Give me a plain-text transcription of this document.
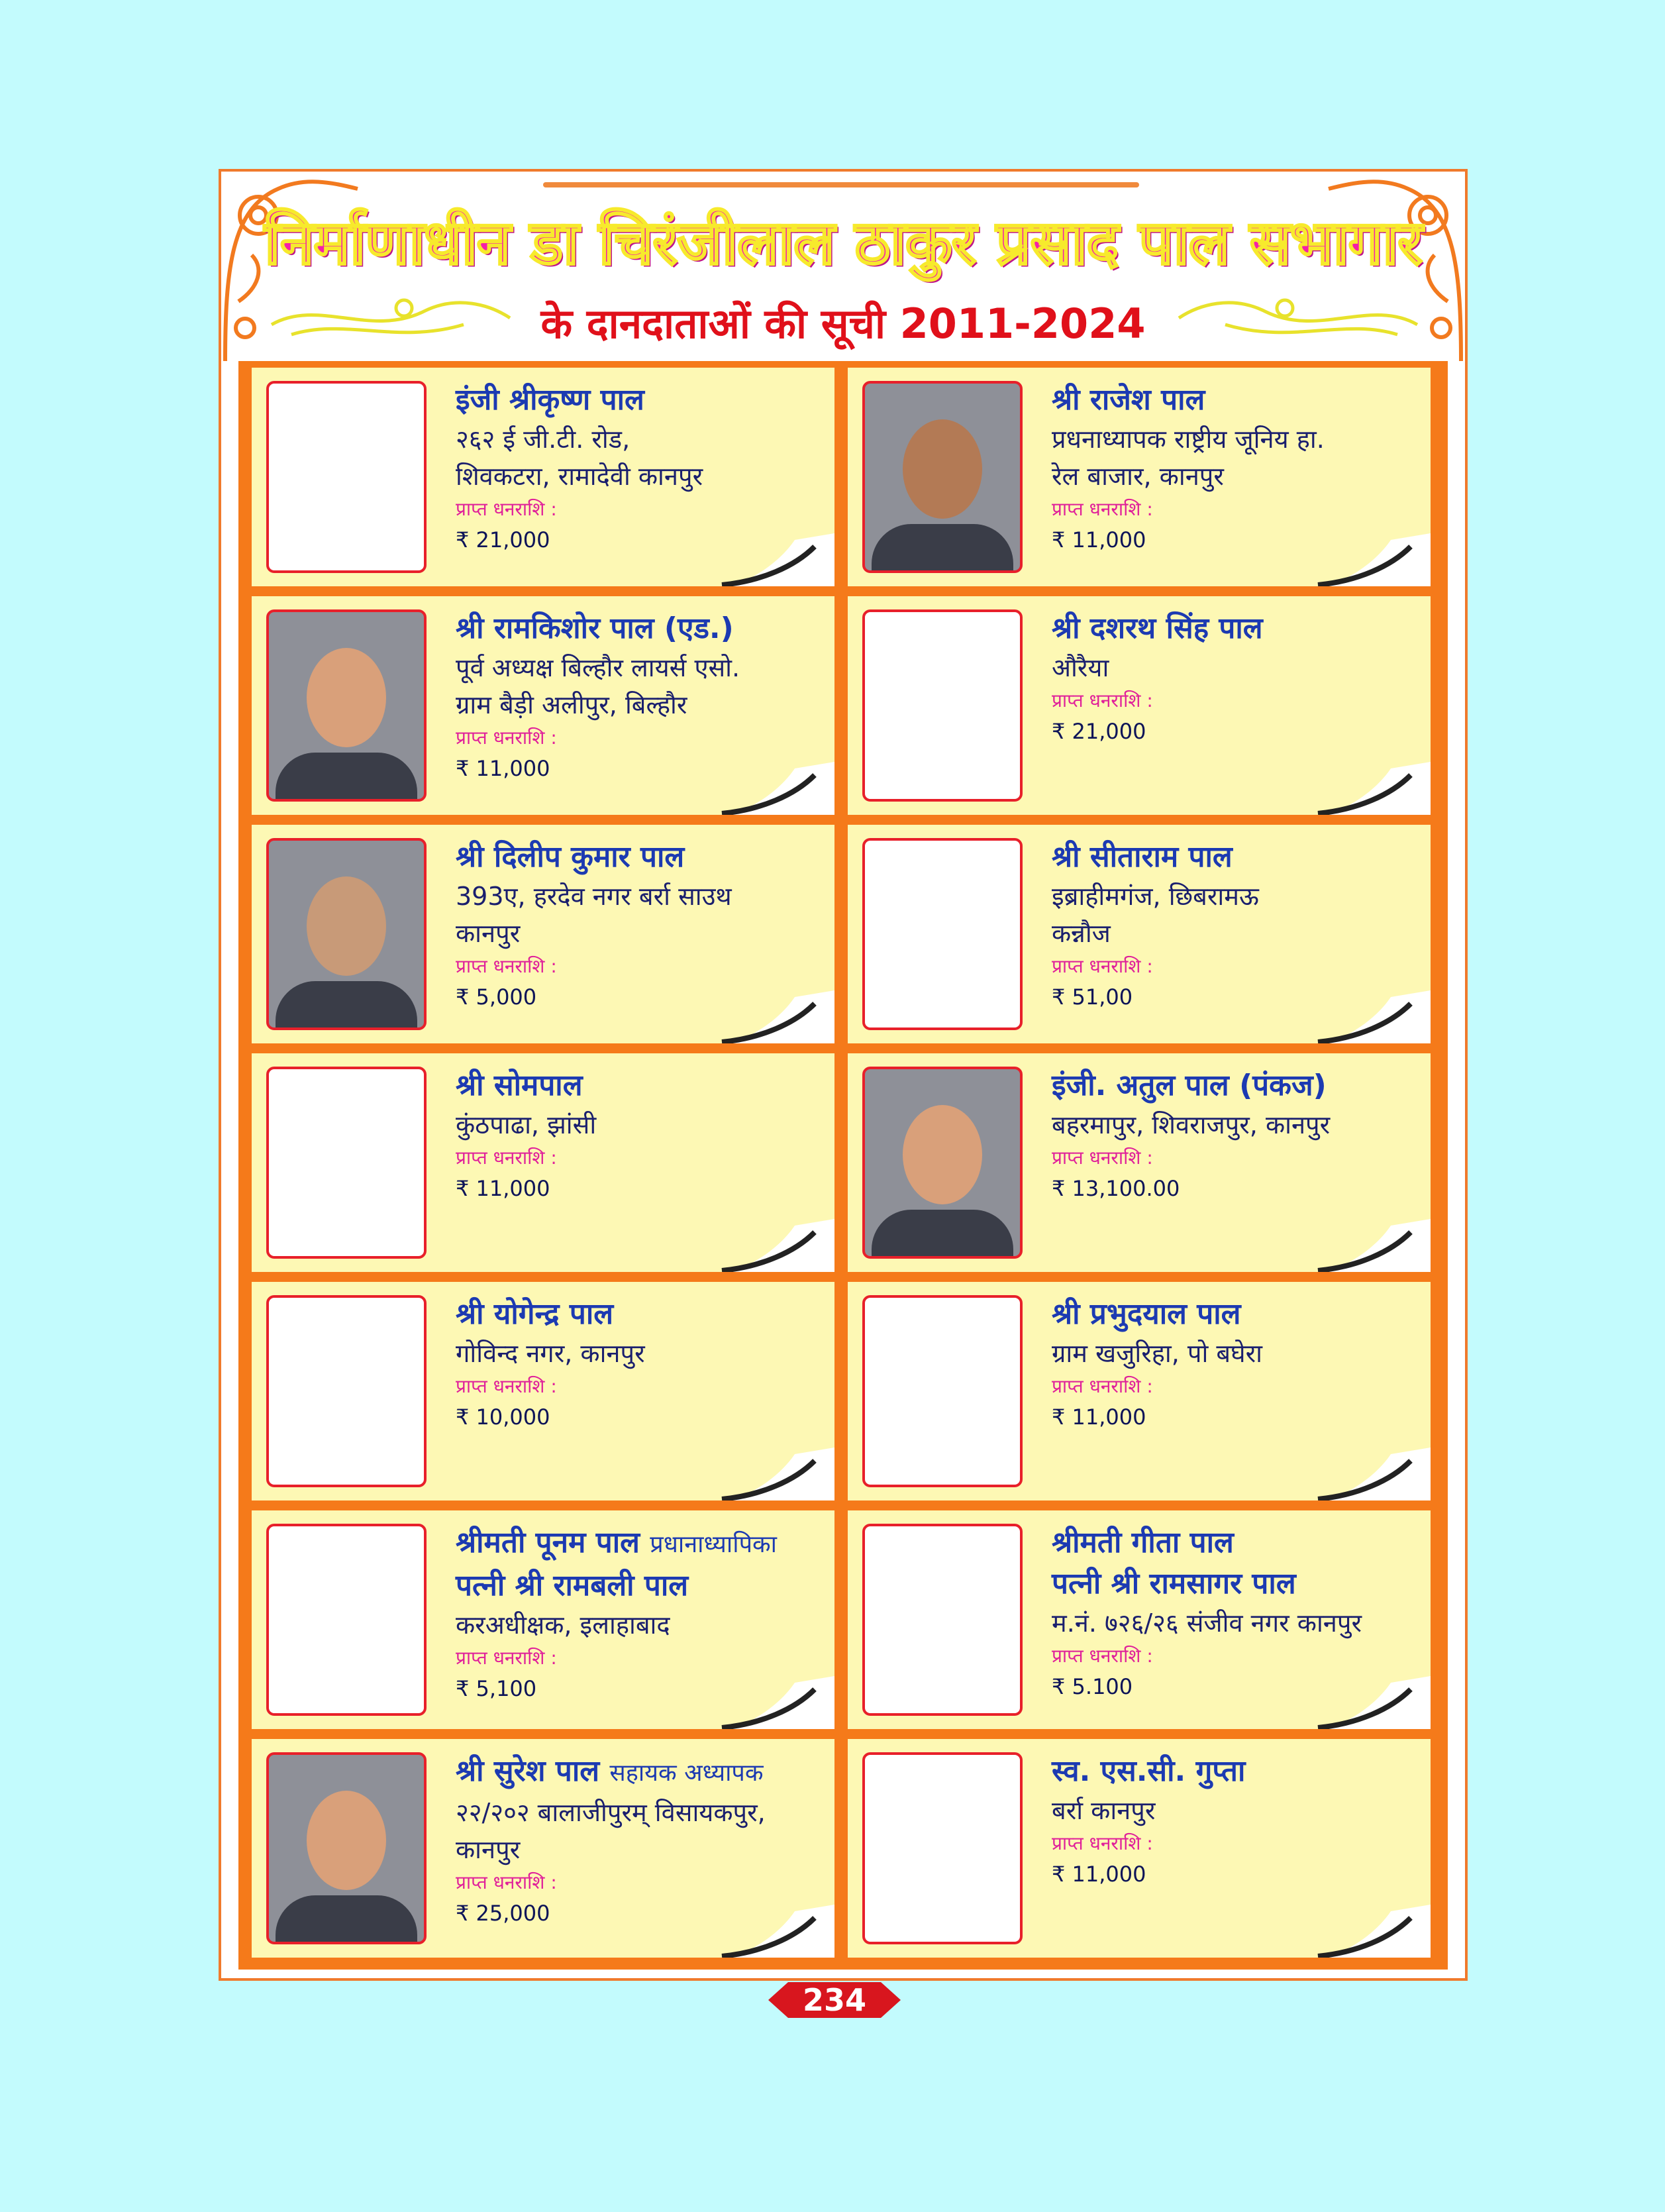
निर्माणाधीन डा चिरंजीलाल ठाकुर प्रसाद पाल सभागार
के दानदाताओं की सूची 2011-2024
इंजी श्रीकृष्ण पाल
२६२ ई जी.टी. रोड,
शिवकटरा, रामादेवी कानपुर
प्राप्त धनराशि :
₹ 21,000
श्री राजेश पाल
प्रधनाध्यापक राष्ट्रीय जूनिय हा.
रेल बाजार, कानपुर
प्राप्त धनराशि :
₹ 11,000
श्री रामकिशोर पाल (एड.)
पूर्व अध्यक्ष बिल्हौर लायर्स एसो.
ग्राम बैड़ी अलीपुर, बिल्हौर
प्राप्त धनराशि :
₹ 11,000
श्री दशरथ सिंह पाल
औरैया
प्राप्त धनराशि :
₹ 21,000
श्री दिलीप कुमार पाल
393ए, हरदेव नगर बर्रा साउथ
कानपुर
प्राप्त धनराशि :
₹ 5,000
श्री सीताराम पाल
इब्राहीमगंज, छिबरामऊ
कन्नौज
प्राप्त धनराशि :
₹ 51,00
श्री सोमपाल
कुंठपाढा, झांसी
प्राप्त धनराशि :
₹ 11,000
इंजी. अतुल पाल (पंकज)
बहरमापुर, शिवराजपुर, कानपुर
प्राप्त धनराशि :
₹ 13,100.00
श्री योगेन्द्र पाल
गोविन्द नगर, कानपुर
प्राप्त धनराशि :
₹ 10,000
श्री प्रभुदयाल पाल
ग्राम खजुरिहा, पो बघेरा
प्राप्त धनराशि :
₹ 11,000
श्रीमती पूनम पाल प्रधानाध्यापिका
पत्नी श्री रामबली पाल
करअधीक्षक, इलाहाबाद
प्राप्त धनराशि :
₹ 5,100
श्रीमती गीता पाल
पत्नी श्री रामसागर पाल
म.नं. ७२६/२६ संजीव नगर कानपुर
प्राप्त धनराशि :
₹ 5.100
श्री सुरेश पाल सहायक अध्यापक
२२/२०२ बालाजीपुरम् विसायकपुर,
कानपुर
प्राप्त धनराशि :
₹ 25,000
स्व. एस.सी. गुप्ता
बर्रा कानपुर
प्राप्त धनराशि :
₹ 11,000
234
